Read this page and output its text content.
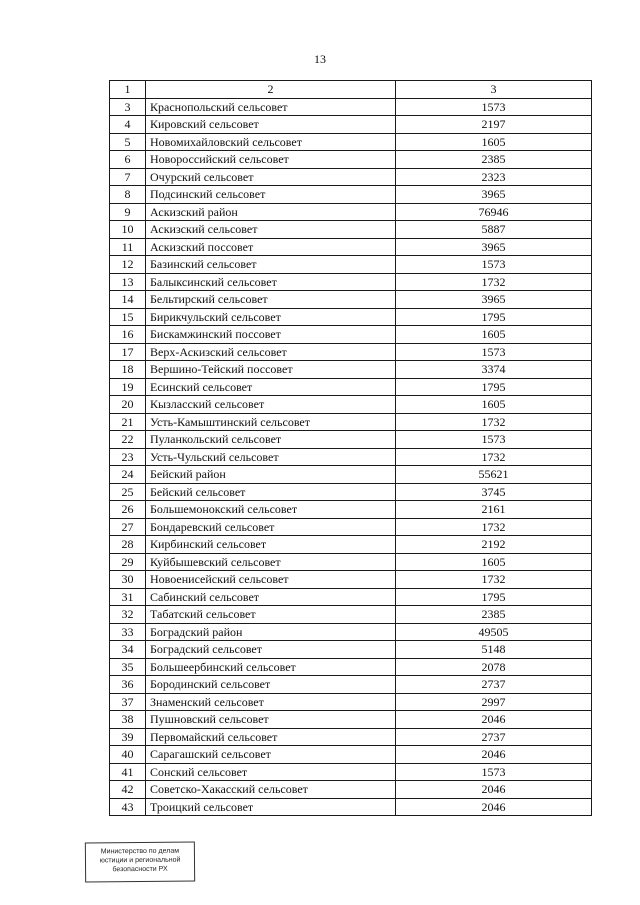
13
1	2	3
3	Краснопольский сельсовет	1573
4	Кировский сельсовет	2197
5	Новомихайловский сельсовет	1605
6	Новороссийский сельсовет	2385
7	Очурский сельсовет	2323
8	Подсинский сельсовет	3965
9	Аскизский район	76946
10	Аскизский сельсовет	5887
11	Аскизский поссовет	3965
12	Базинский сельсовет	1573
13	Балыксинский сельсовет	1732
14	Бельтирский сельсовет	3965
15	Бирикчульский сельсовет	1795
16	Бискамжинский поссовет	1605
17	Верх-Аскизский сельсовет	1573
18	Вершино-Тейский поссовет	3374
19	Есинский сельсовет	1795
20	Кызласский сельсовет	1605
21	Усть-Камыштинский сельсовет	1732
22	Пуланкольский сельсовет	1573
23	Усть-Чульский сельсовет	1732
24	Бейский район	55621
25	Бейский сельсовет	3745
26	Большемонокский сельсовет	2161
27	Бондаревский сельсовет	1732
28	Кирбинский сельсовет	2192
29	Куйбышевский сельсовет	1605
30	Новоенисейский сельсовет	1732
31	Сабинский сельсовет	1795
32	Табатский сельсовет	2385
33	Боградский район	49505
34	Боградский сельсовет	5148
35	Большеербинский сельсовет	2078
36	Бородинский сельсовет	2737
37	Знаменский сельсовет	2997
38	Пушновский сельсовет	2046
39	Первомайский сельсовет	2737
40	Сарагашский сельсовет	2046
41	Сонский сельсовет	1573
42	Советско-Хакасский сельсовет	2046
43	Троицкий сельсовет	2046
Министерство по делам
юстиции и региональной
безопасности РХ
